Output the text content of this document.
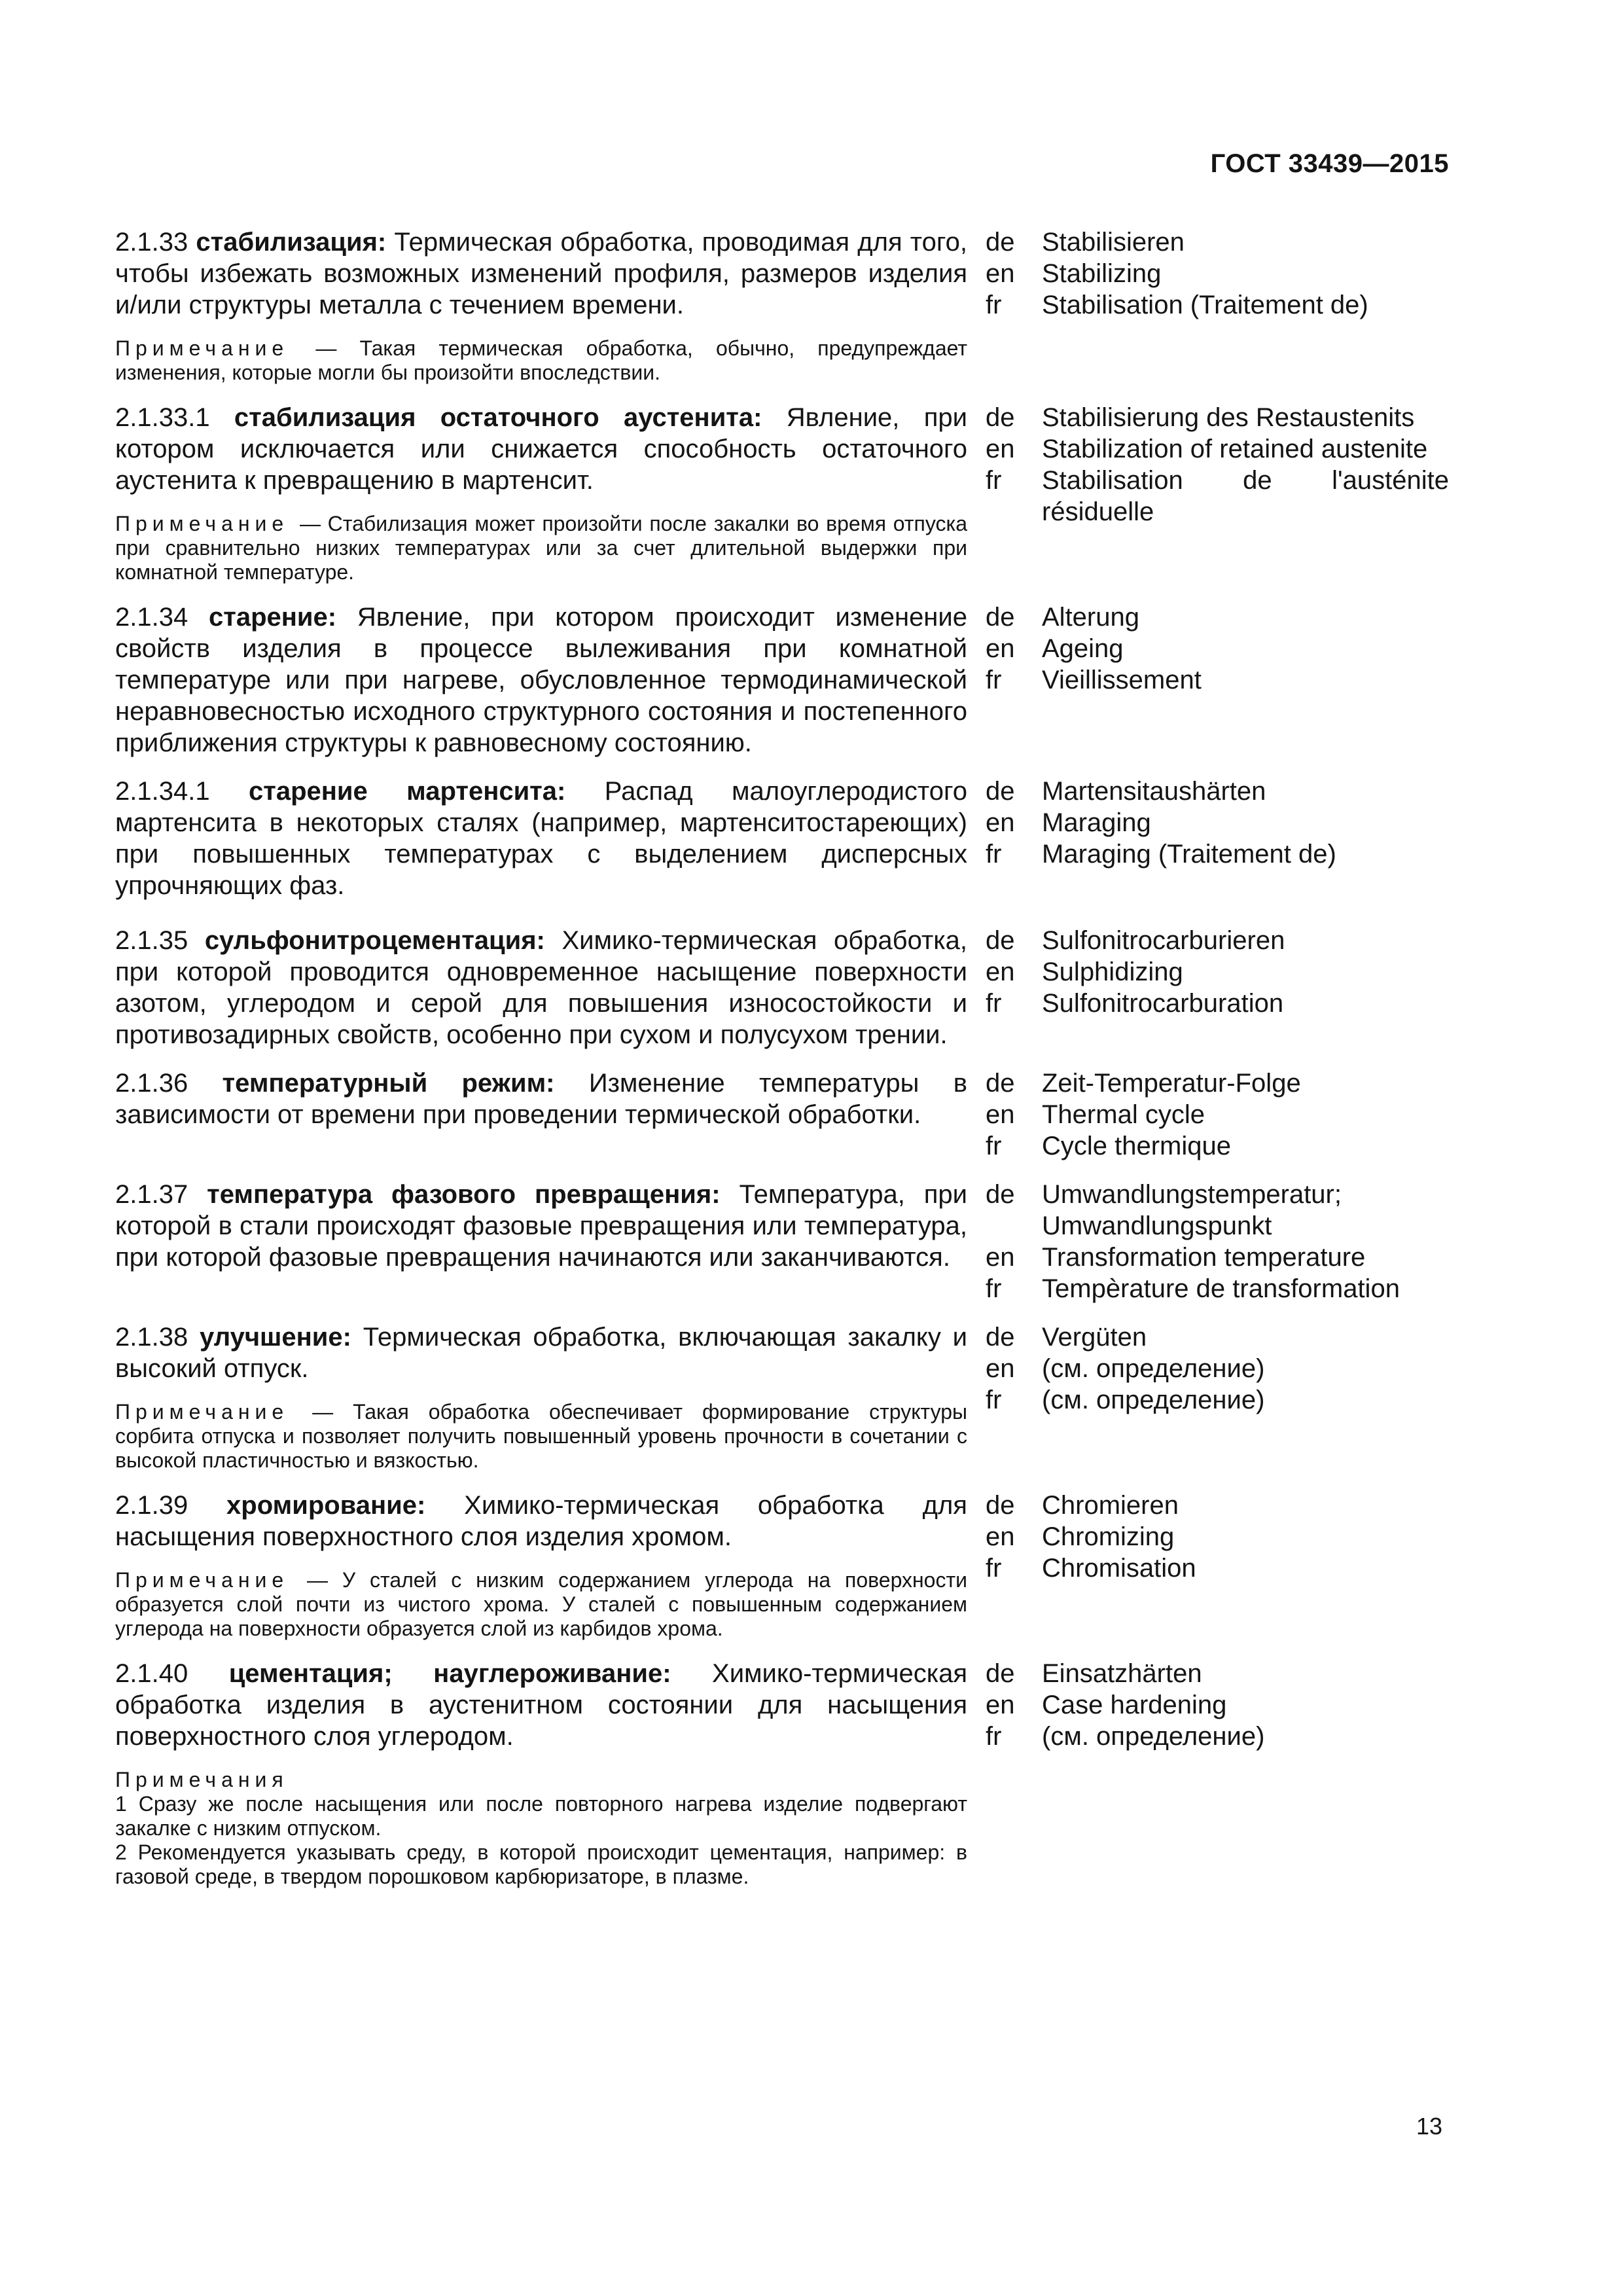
ГОСТ 33439—2015

2.1.33 стабилизация: Термическая обработка, проводимая для того, чтобы избежать возможных изменений профиля, размеров изделия и/или структуры металла с течением времени.

Примечание — Такая термическая обработка, обычно, предупреждает изменения, которые могли бы произойти впоследствии.

de	Stabilisieren
en	Stabilizing
fr	Stabilisation (Traitement de)

2.1.33.1 стабилизация остаточного аустенита: Явление, при котором исключается или снижается способность остаточного аустенита к превращению в мартенсит.

Примечание — Стабилизация может произойти после закалки во время отпуска при сравнительно низких температурах или за счет длительной выдержки при комнатной температуре.

de	Stabilisierung des Restaustenits
en	Stabilization of retained austenite
fr	Stabilisation de l'austénite résiduelle

2.1.34 старение: Явление, при котором происходит изменение свойств изделия в процессе вылеживания при комнатной температуре или при нагреве, обусловленное термодинамической неравновесностью исходного структурного состояния и постепенного приближения структуры к равновесному состоянию.

de	Alterung
en	Ageing
fr	Vieillissement

2.1.34.1 старение мартенсита: Распад малоуглеродистого мартенсита в некоторых сталях (например, мартенситостареющих) при повышенных температурах с выделением дисперсных упрочняющих фаз.

de	Martensitaushärten
en	Maraging
fr	Maraging (Traitement de)

2.1.35 сульфонитроцементация: Химико-термическая обработка, при которой проводится одновременное насыщение поверхности азотом, углеродом и серой для повышения износостойкости и противозадирных свойств, особенно при сухом и полусухом трении.

de	Sulfonitrocarburieren
en	Sulphidizing
fr	Sulfonitrocarburation

2.1.36 температурный режим: Изменение температуры в зависимости от времени при проведении термической обработки.

de	Zeit-Temperatur-Folge
en	Thermal cycle
fr	Cycle thermique

2.1.37 температура фазового превращения: Температура, при которой в стали происходят фазовые превращения или температура, при которой фазовые превращения начинаются или заканчиваются.

de	Umwandlungstemperatur; Umwandlungspunkt
en	Transformation temperature
fr	Tempèrature de transformation

2.1.38 улучшение: Термическая обработка, включающая закалку и высокий отпуск.

Примечание — Такая обработка обеспечивает формирование структуры сорбита отпуска и позволяет получить повышенный уровень прочности в сочетании с высокой пластичностью и вязкостью.

de	Vergüten
en	(см. определение)
fr	(см. определение)

2.1.39 хромирование: Химико-термическая обработка для насыщения поверхностного слоя изделия хромом.

Примечание — У сталей с низким содержанием углерода на поверхности образуется слой почти из чистого хрома. У сталей с повышенным содержанием углерода на поверхности образуется слой из карбидов хрома.

de	Chromieren
en	Chromizing
fr	Chromisation

2.1.40 цементация; науглероживание: Химико-термическая обработка изделия в аустенитном состоянии для насыщения поверхностного слоя углеродом.

Примечания

1 Сразу же после насыщения или после повторного нагрева изделие подвергают закалке с низким отпуском.

2 Рекомендуется указывать среду, в которой происходит цементация, например: в газовой среде, в твердом порошковом карбюризаторе, в плазме.

de	Einsatzhärten
en	Case hardening
fr	(см. определение)
13
